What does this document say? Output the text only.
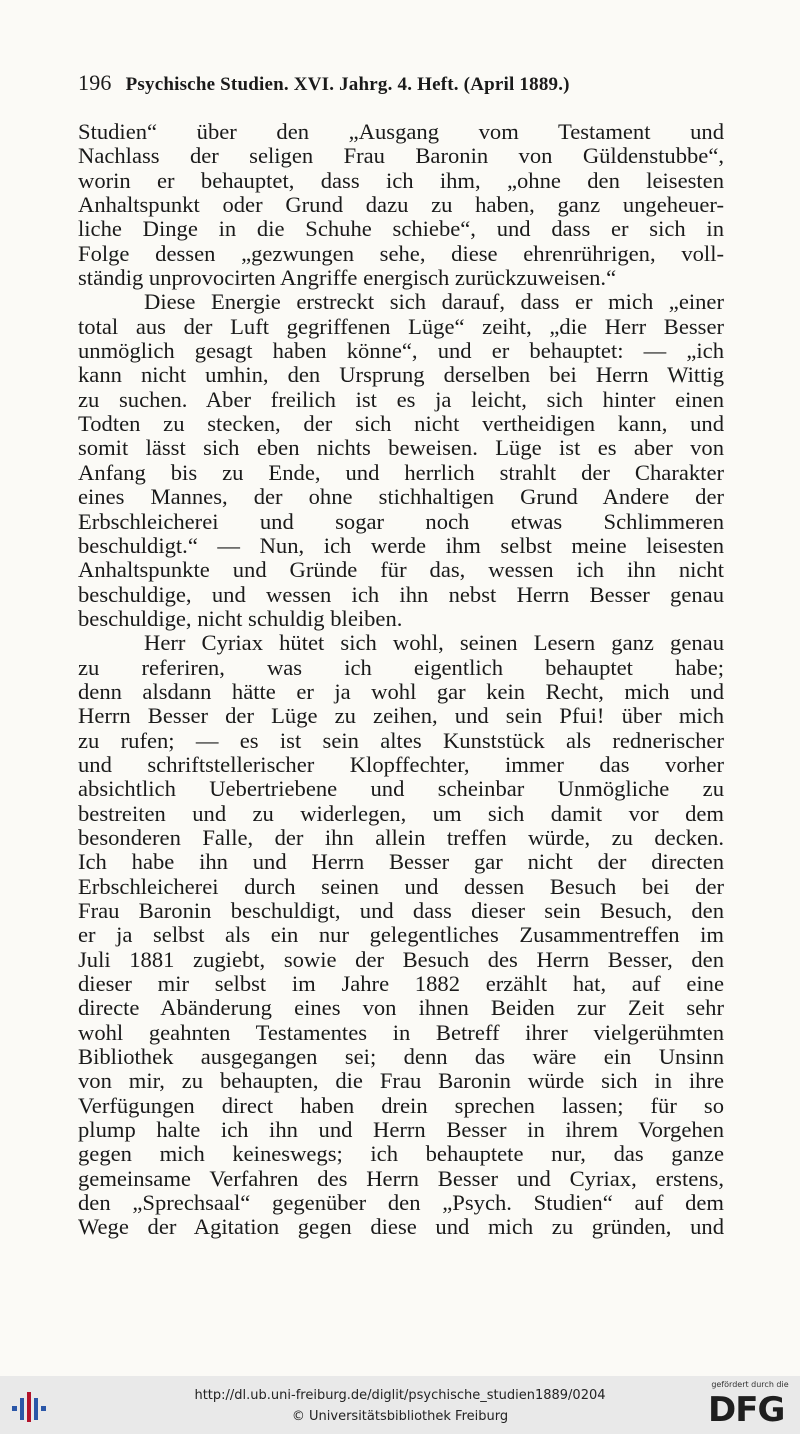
196 Psychische Studien. XVI. Jahrg. 4. Heft. (April 1889.)
Studien“ über den „Ausgang vom Testament und
Nachlass der seligen Frau Baronin von Güldenstubbe“,
worin er behauptet, dass ich ihm, „ohne den leisesten
Anhaltspunkt oder Grund dazu zu haben, ganz ungeheuer-
liche Dinge in die Schuhe schiebe“, und dass er sich in
Folge dessen „gezwungen sehe, diese ehrenrührigen, voll-
ständig unprovocirten Angriffe energisch zurückzuweisen.“
Diese Energie erstreckt sich darauf, dass er mich „einer
total aus der Luft gegriffenen Lüge“ zeiht, „die Herr Besser
unmöglich gesagt haben könne“, und er behauptet: — „ich
kann nicht umhin, den Ursprung derselben bei Herrn Wittig
zu suchen. Aber freilich ist es ja leicht, sich hinter einen
Todten zu stecken, der sich nicht vertheidigen kann, und
somit lässt sich eben nichts beweisen. Lüge ist es aber von
Anfang bis zu Ende, und herrlich strahlt der Charakter
eines Mannes, der ohne stichhaltigen Grund Andere der
Erbschleicherei und sogar noch etwas Schlimmeren
beschuldigt.“ — Nun, ich werde ihm selbst meine leisesten
Anhaltspunkte und Gründe für das, wessen ich ihn nicht
beschuldige, und wessen ich ihn nebst Herrn Besser genau
beschuldige, nicht schuldig bleiben.
Herr Cyriax hütet sich wohl, seinen Lesern ganz genau
zu referiren, was ich eigentlich behauptet habe;
denn alsdann hätte er ja wohl gar kein Recht, mich und
Herrn Besser der Lüge zu zeihen, und sein Pfui! über mich
zu rufen; — es ist sein altes Kunststück als rednerischer
und schriftstellerischer Klopffechter, immer das vorher
absichtlich Uebertriebene und scheinbar Unmögliche zu
bestreiten und zu widerlegen, um sich damit vor dem
besonderen Falle, der ihn allein treffen würde, zu decken.
Ich habe ihn und Herrn Besser gar nicht der directen
Erbschleicherei durch seinen und dessen Besuch bei der
Frau Baronin beschuldigt, und dass dieser sein Besuch, den
er ja selbst als ein nur gelegentliches Zusammentreffen im
Juli 1881 zugiebt, sowie der Besuch des Herrn Besser, den
dieser mir selbst im Jahre 1882 erzählt hat, auf eine
directe Abänderung eines von ihnen Beiden zur Zeit sehr
wohl geahnten Testamentes in Betreff ihrer vielgerühmten
Bibliothek ausgegangen sei; denn das wäre ein Unsinn
von mir, zu behaupten, die Frau Baronin würde sich in ihre
Verfügungen direct haben drein sprechen lassen; für so
plump halte ich ihn und Herrn Besser in ihrem Vorgehen
gegen mich keineswegs; ich behauptete nur, das ganze
gemeinsame Verfahren des Herrn Besser und Cyriax, erstens,
den „Sprechsaal“ gegenüber den „Psych. Studien“ auf dem
Wege der Agitation gegen diese und mich zu gründen, und
http://dl.ub.uni-freiburg.de/diglit/psychische_studien1889/0204
© Universitätsbibliothek Freiburg
gefördert durch die
DFG
